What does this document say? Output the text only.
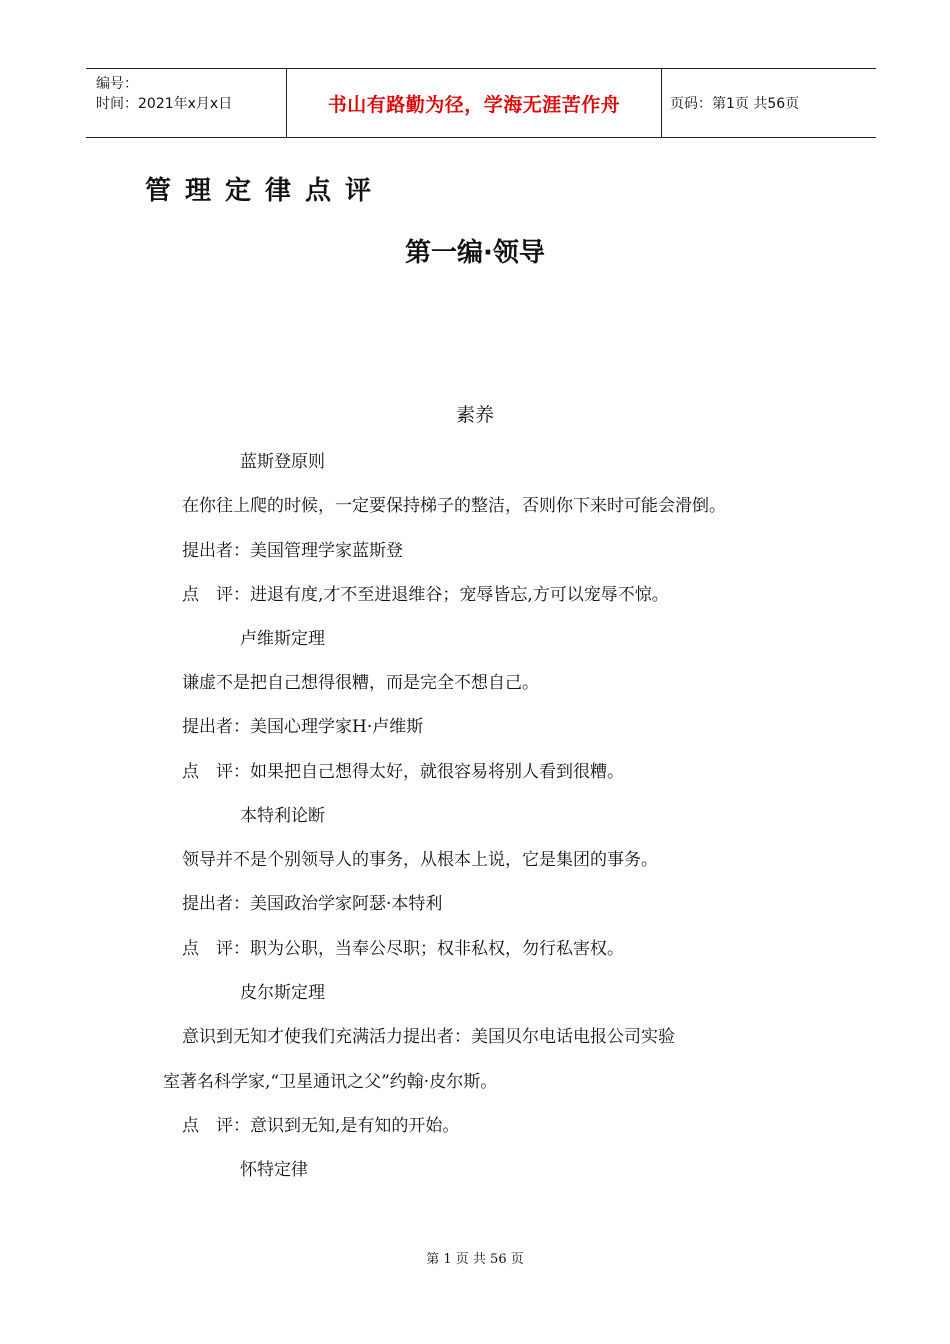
编号：
时间：2021年x月x日	书山有路勤为径，学海无涯苦作舟	页码：第1页 共56页
管理定律点评
第一编·领导
素养
蓝斯登原则
在你往上爬的时候，一定要保持梯子的整洁，否则你下来时可能会滑倒。
提出者：美国管理学家蓝斯登
点　评：进退有度,才不至进退维谷；宠辱皆忘,方可以宠辱不惊。
卢维斯定理
谦虚不是把自己想得很糟，而是完全不想自己。
提出者：美国心理学家H·卢维斯
点　评：如果把自己想得太好，就很容易将别人看到很糟。
本特利论断
领导并不是个别领导人的事务，从根本上说，它是集团的事务。
提出者：美国政治学家阿瑟·本特利
点　评：职为公职，当奉公尽职；权非私权，勿行私害权。
皮尔斯定理
意识到无知才使我们充满活力提出者：美国贝尔电话电报公司实验
室著名科学家,“卫星通讯之父”约翰·皮尔斯。
点　评：意识到无知,是有知的开始。
怀特定律
第 1 页 共 56 页
